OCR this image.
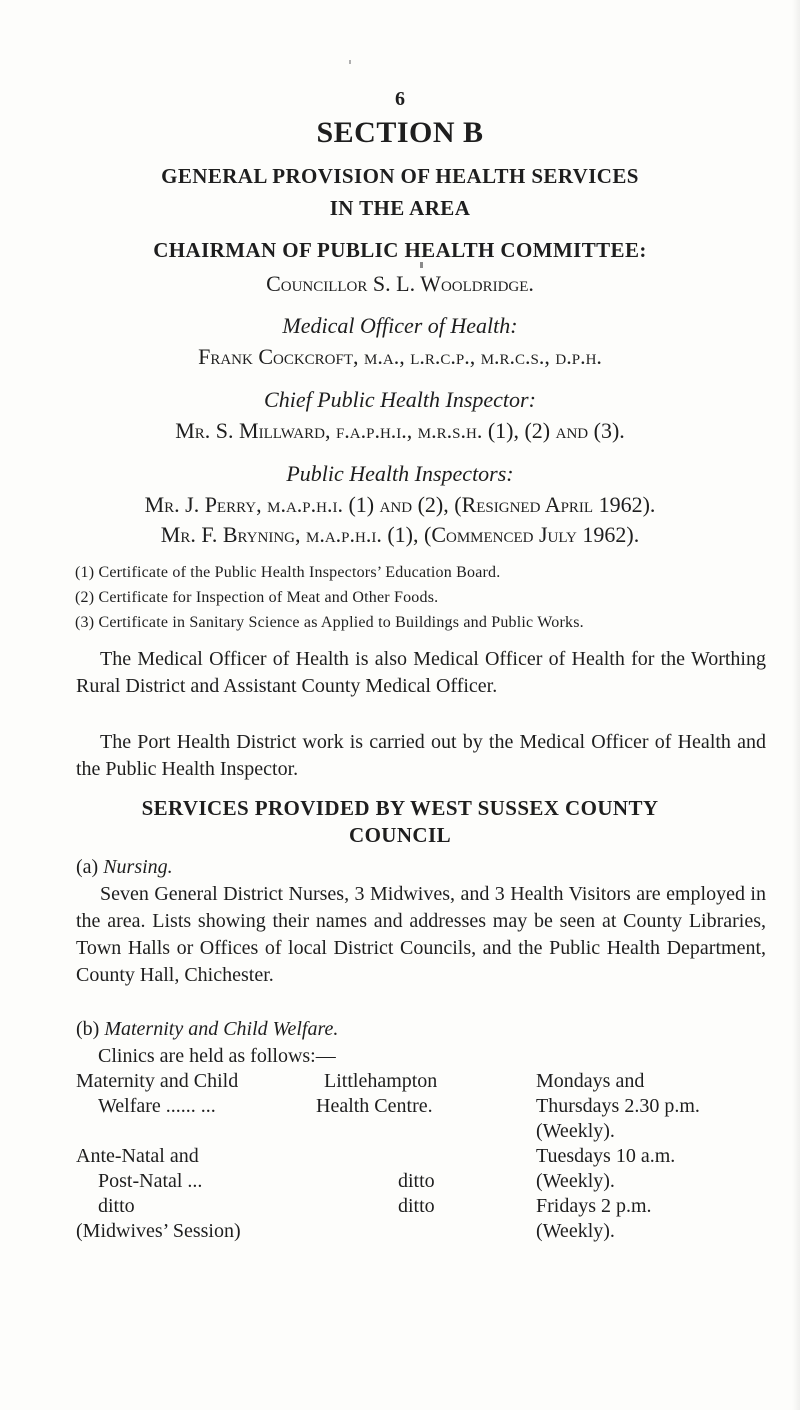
6
SECTION B
GENERAL PROVISION OF HEALTH SERVICES
IN THE AREA
CHAIRMAN OF PUBLIC HEALTH COMMITTEE:
Councillor S. L. Wooldridge.
Medical Officer of Health:
Frank Cockcroft, m.a., l.r.c.p., m.r.c.s., d.p.h.
Chief Public Health Inspector:
Mr. S. Millward, f.a.p.h.i., m.r.s.h. (1), (2) and (3).
Public Health Inspectors:
Mr. J. Perry, m.a.p.h.i. (1) and (2), (Resigned April 1962).
Mr. F. Bryning, m.a.p.h.i. (1), (Commenced July 1962).
(1) Certificate of the Public Health Inspectors’ Education Board.
(2) Certificate for Inspection of Meat and Other Foods.
(3) Certificate in Sanitary Science as Applied to Buildings and Public Works.
The Medical Officer of Health is also Medical Officer of Health for the Worthing Rural District and Assistant County Medical Officer.
The Port Health District work is carried out by the Medical Officer of Health and the Public Health Inspector.
SERVICES PROVIDED BY WEST SUSSEX COUNTY
COUNCIL
(a) Nursing.
Seven General District Nurses, 3 Midwives, and 3 Health Visitors are employed in the area. Lists showing their names and addresses may be seen at County Libraries, Town Halls or Offices of local District Councils, and the Public Health Department, County Hall, Chichester.
(b) Maternity and Child Welfare.
Clinics are held as follows:—
Maternity and Child
Welfare ...... ...
Littlehampton
Health Centre.
Mondays and
Thursdays 2.30 p.m.
(Weekly).
Ante-Natal and
Post-Natal ...	ditto
Tuesdays 10 a.m.
(Weekly).
ditto
(Midwives’ Session)
ditto	Fridays 2 p.m.
(Weekly).
